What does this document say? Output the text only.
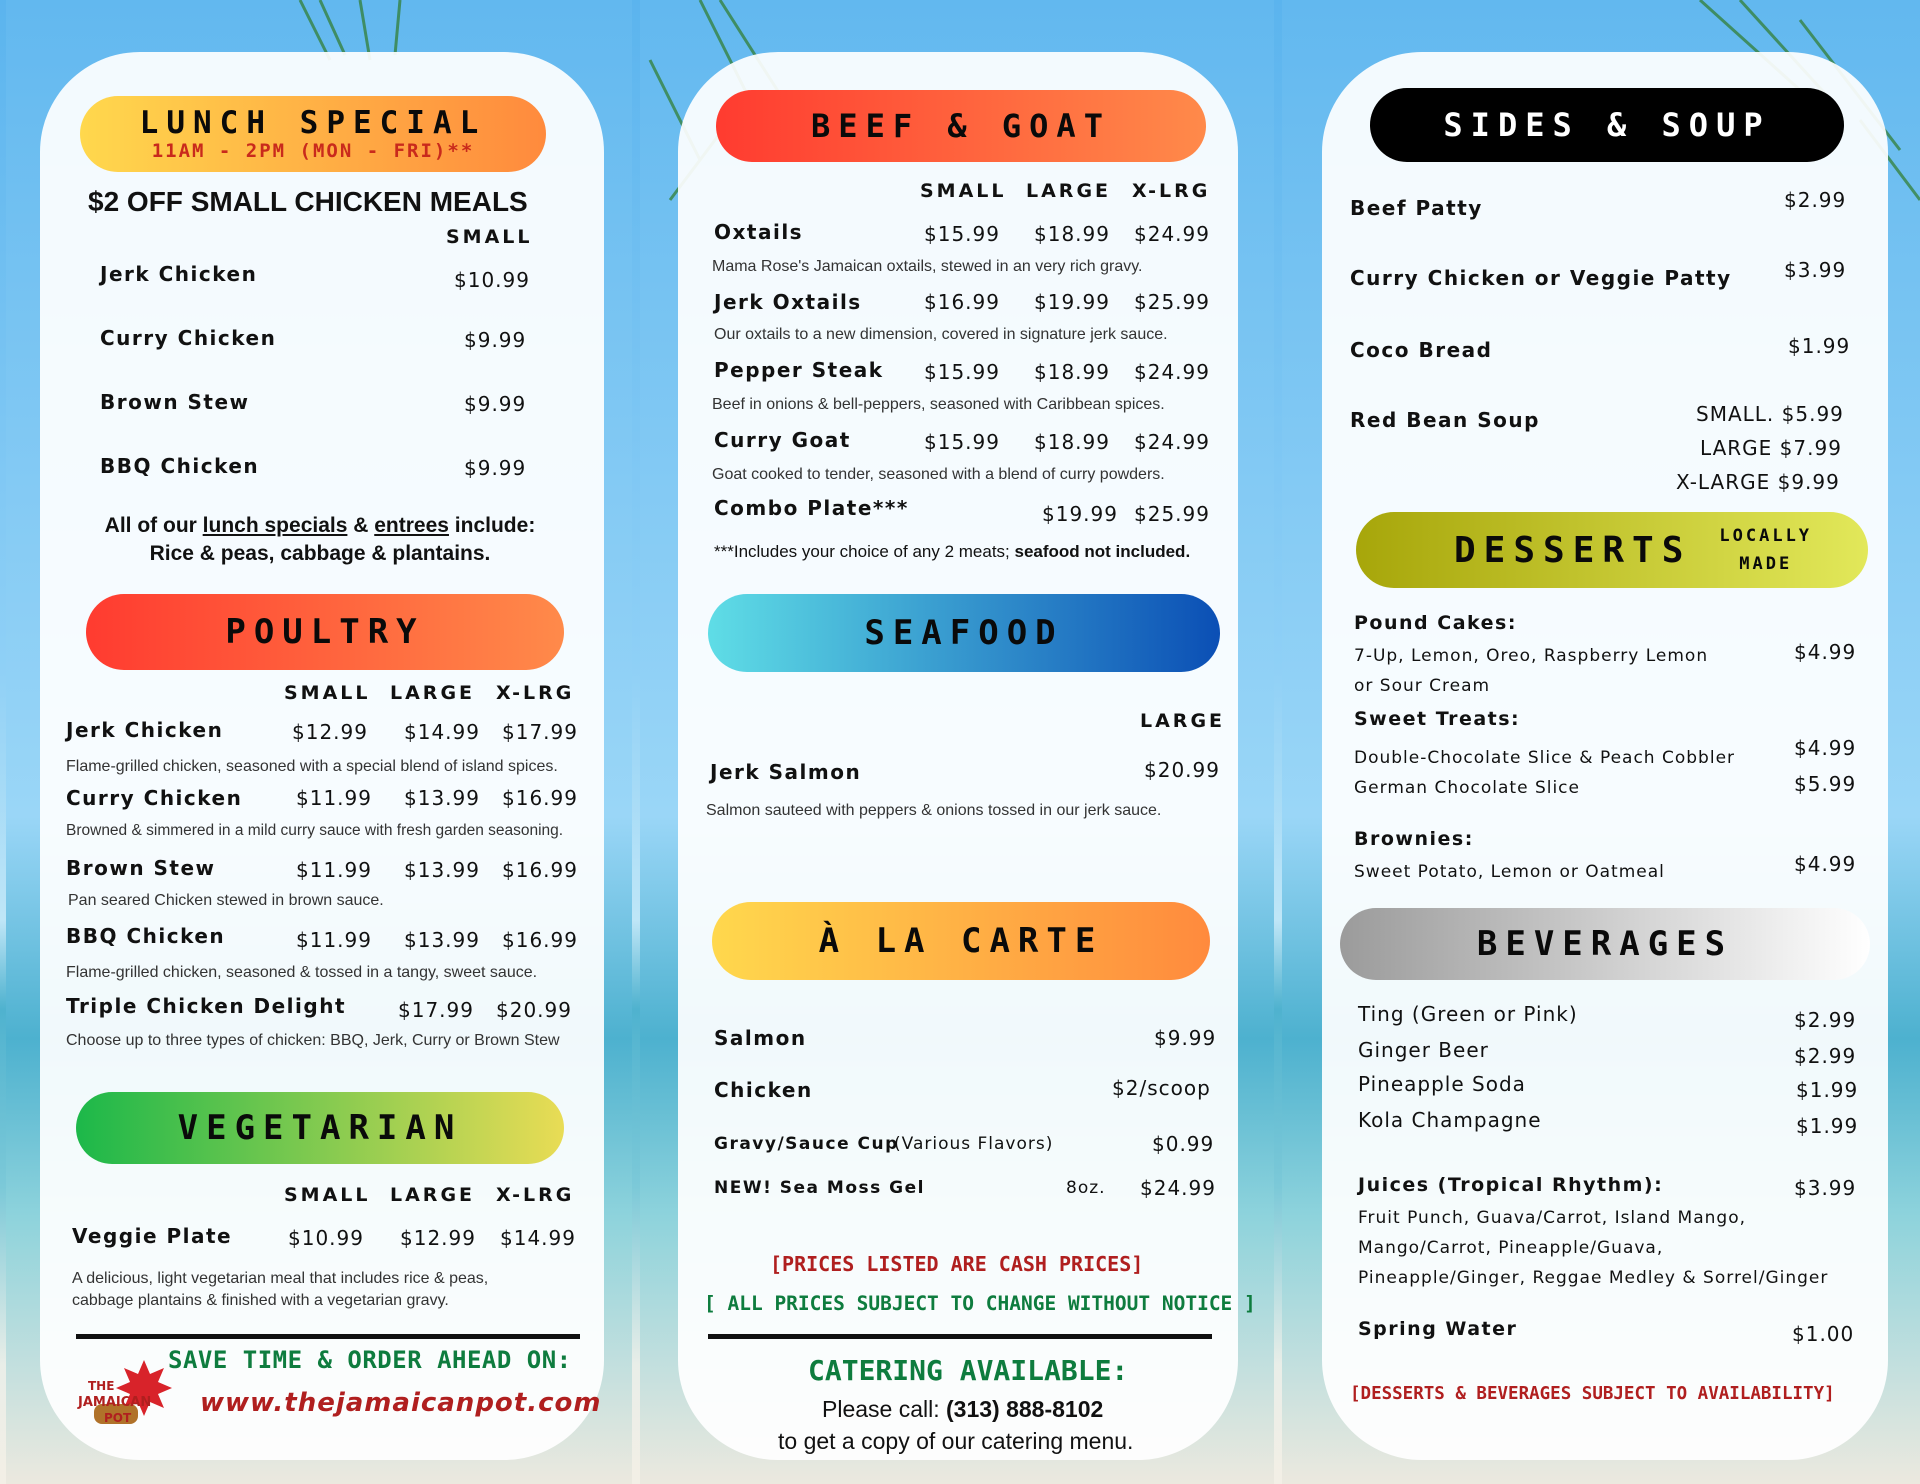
LUNCH SPECIAL
11AM - 2PM (MON - FRI)**
$2 OFF SMALL CHICKEN MEALS
SMALL
Jerk Chicken	$10.99
Curry Chicken	$9.99
Brown Stew	$9.99
BBQ Chicken	$9.99
All of our lunch specials & entrees include:
Rice & peas, cabbage & plantains.
POULTRY
SMALL LARGE X-LRG
Jerk Chicken	$12.99 $14.99 $17.99
Flame-grilled chicken, seasoned with a special blend of island spices.
Curry Chicken	$11.99 $13.99 $16.99
Browned & simmered in a mild curry sauce with fresh garden seasoning.
Brown Stew	$11.99 $13.99 $16.99
Pan seared Chicken stewed in brown sauce.
BBQ Chicken	$11.99 $13.99 $16.99
Flame-grilled chicken, seasoned & tossed in a tangy, sweet sauce.
Triple Chicken Delight	$17.99 $20.99
Choose up to three types of chicken: BBQ, Jerk, Curry or Brown Stew
VEGETARIAN
SMALL LARGE X-LRG
Veggie Plate	$10.99 $12.99 $14.99
A delicious, light vegetarian meal that includes rice & peas,
cabbage plantains & finished with a vegetarian gravy.
THE
JAMAICAN
POT
SAVE TIME & ORDER AHEAD ON:
www.thejamaicanpot.com
BEEF & GOAT
SMALL LARGE X-LRG
Oxtails	$15.99 $18.99 $24.99
Mama Rose's Jamaican oxtails, stewed in an very rich gravy.
Jerk Oxtails	$16.99 $19.99 $25.99
Our oxtails to a new dimension, covered in signature jerk sauce.
Pepper Steak $15.99 $18.99 $24.99
Beef in onions & bell-peppers, seasoned with Caribbean spices.
Curry Goat	$15.99 $18.99 $24.99
Goat cooked to tender, seasoned with a blend of curry powders.
Combo Plate***	$19.99 $25.99
***Includes your choice of any 2 meats; seafood not included.
SEAFOOD
LARGE
Jerk Salmon	$20.99
Salmon sauteed with peppers & onions tossed in our jerk sauce.
À LA CARTE
Salmon	$9.99
Chicken	$2/scoop
Gravy/Sauce Cup
(Various Flavors)	$0.99
NEW! Sea Moss Gel	8oz. $24.99
[PRICES LISTED ARE CASH PRICES]
[ ALL PRICES SUBJECT TO CHANGE WITHOUT NOTICE ]
CATERING AVAILABLE:
Please call: (313) 888-8102
to get a copy of our catering menu.
SIDES & SOUP
Beef Patty	$2.99
Curry Chicken or Veggie Patty	$3.99
Coco Bread	$1.99
Red Bean Soup	SMALL. $5.99
LARGE $7.99
X-LARGE $9.99
DESSERTS LOCALLY
MADE
Pound Cakes:
7-Up, Lemon, Oreo, Raspberry Lemon
or Sour Cream
$4.99
Sweet Treats:
Double-Chocolate Slice & Peach Cobbler	$4.99
German Chocolate Slice	$5.99
Brownies:
Sweet Potato, Lemon or Oatmeal	$4.99
BEVERAGES
Ting (Green or Pink)	$2.99
Ginger Beer	$2.99
Pineapple Soda	$1.99
Kola Champagne	$1.99
Juices (Tropical Rhythm):	$3.99
Fruit Punch, Guava/Carrot, Island Mango,
Mango/Carrot, Pineapple/Guava,
Pineapple/Ginger, Reggae Medley & Sorrel/Ginger
Spring Water	$1.00
[DESSERTS & BEVERAGES SUBJECT TO AVAILABILITY]
